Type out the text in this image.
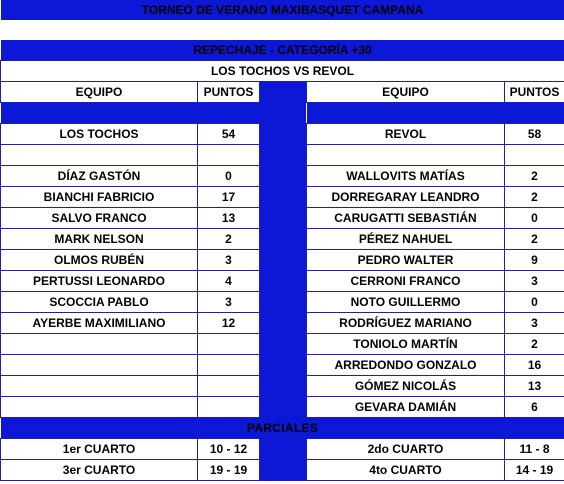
TORNEO DE VERANO MAXIBASQUET CAMPANA				

REPECHAJE - CATEGORÍA +30				
LOS TOCHOS VS REVOL				
EQUIPO	PUNTOS		EQUIPO	PUNTOS

LOS TOCHOS	54		REVOL	58

DÍAZ GASTÓN	0		WALLOVITS MATÍAS	2
BIANCHI FABRICIO	17		DORREGARAY LEANDRO	2
SALVO FRANCO	13		CARUGATTI SEBASTIÁN	0
MARK NELSON	2		PÉREZ NAHUEL	2
OLMOS RUBÉN	3		PEDRO WALTER	9
PERTUSSI LEONARDO	4		CERRONI FRANCO	3
SCOCCIA PABLO	3		NOTO GUILLERMO	0
AYERBE MAXIMILIANO	12		RODRÍGUEZ MARIANO	3
			TONIOLO MARTÍN	2
			ARREDONDO GONZALO	16
			GÓMEZ NICOLÁS	13
			GEVARA DAMIÁN	6
PARCIALES				
1er CUARTO	10 - 12		2do CUARTO	11 - 8
3er CUARTO	19 - 19		4to CUARTO	14 - 19
